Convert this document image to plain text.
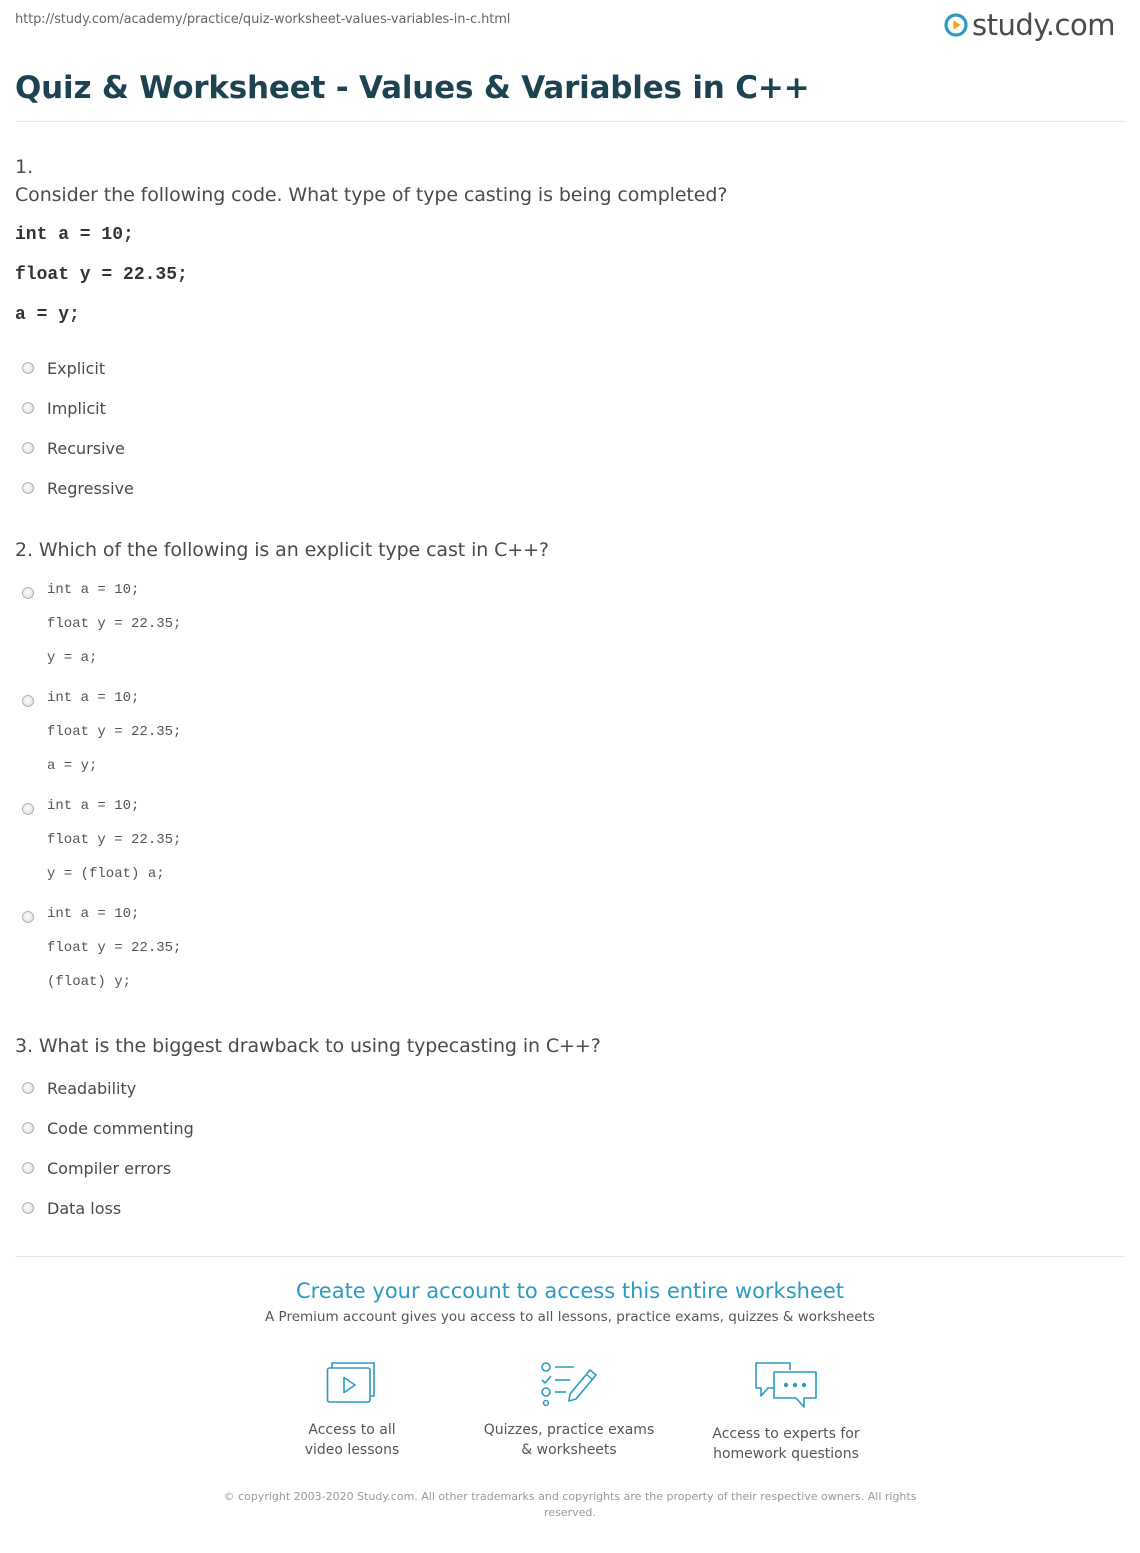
http://study.com/academy/practice/quiz-worksheet-values-variables-in-c.html	study.com
Quiz & Worksheet - Values & Variables in C++
1.
Consider the following code. What type of type casting is being completed?
int a = 10;
float y = 22.35;
a = y;
Explicit
Implicit
Recursive
Regressive
2. Which of the following is an explicit type cast in C++?
int a = 10;
float y = 22.35;
y = a;
int a = 10;
float y = 22.35;
a = y;
int a = 10;
float y = 22.35;
y = (float) a;
int a = 10;
float y = 22.35;
(float) y;
3. What is the biggest drawback to using typecasting in C++?
Readability
Code commenting
Compiler errors
Data loss
Create your account to access this entire worksheet
A Premium account gives you access to all lessons, practice exams, quizzes & worksheets
Access to all
video lessons
Quizzes, practice exams
& worksheets
Access to experts for
homework questions
© copyright 2003-2020 Study.com. All other trademarks and copyrights are the property of their respective owners. All rights
reserved.
